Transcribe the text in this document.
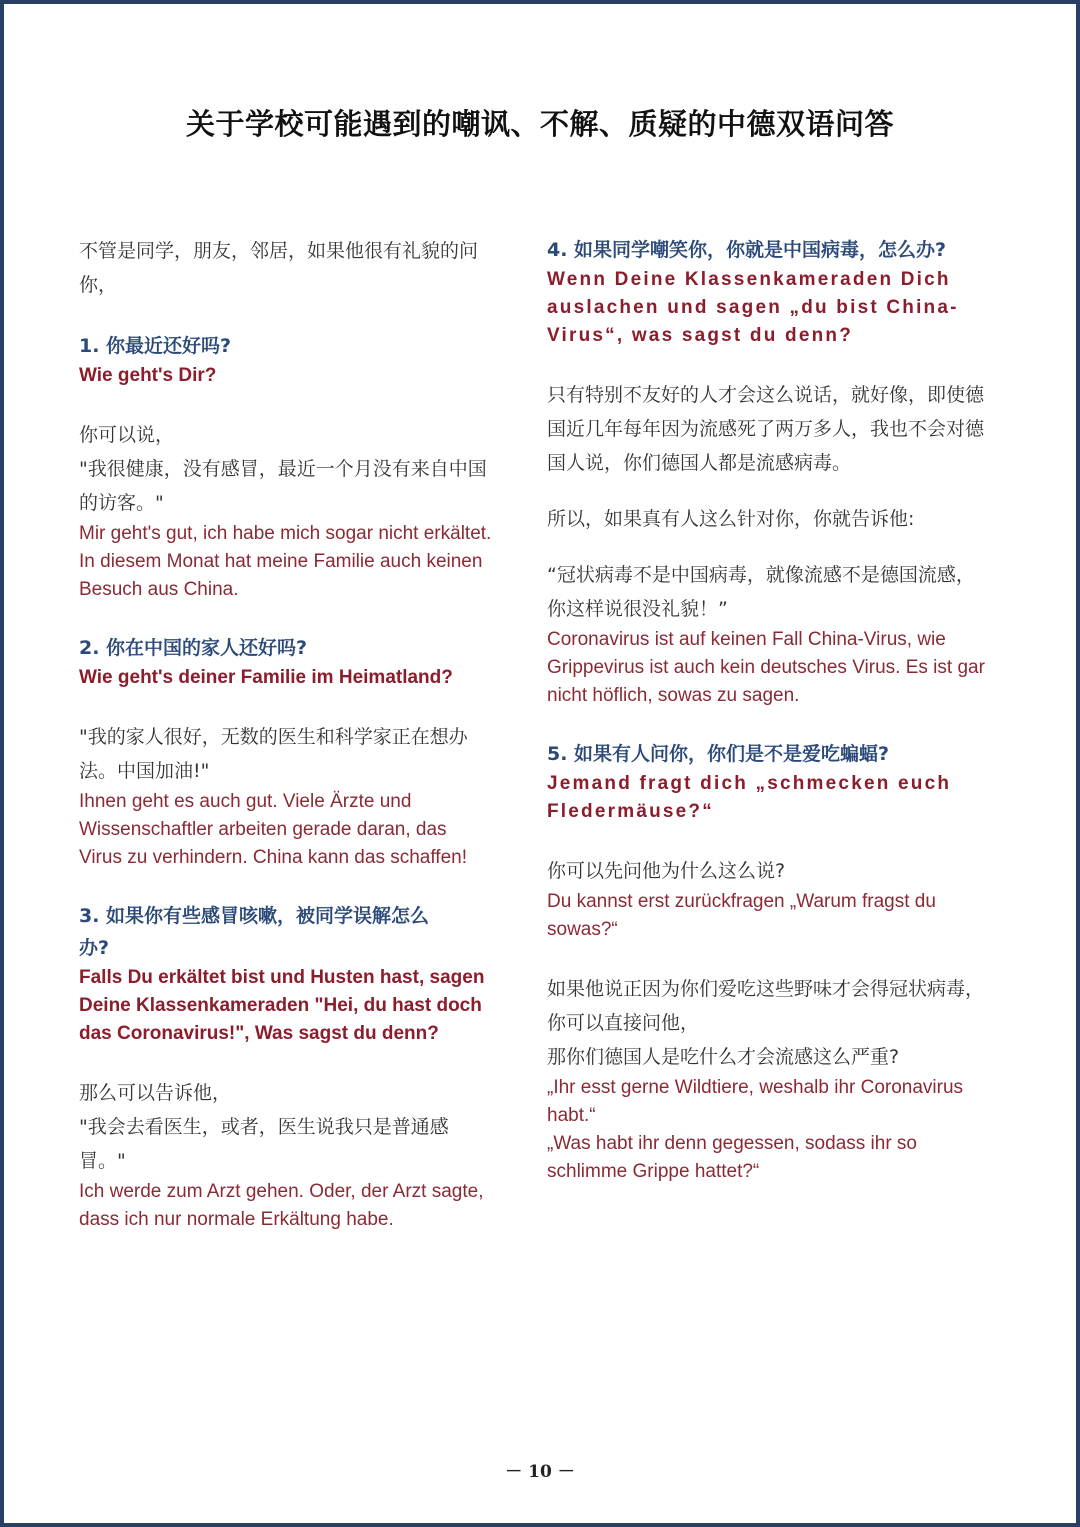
关于学校可能遇到的嘲讽、不解、质疑的中德双语问答

不管是同学，朋友，邻居，如果他很有礼貌的问你，

1. 你最近还好吗?

Wie geht's Dir?

你可以说，

"我很健康，没有感冒，最近一个月没有来自中国的访客。"

Mir geht's gut, ich habe mich sogar nicht erkältet. In diesem Monat hat meine Familie auch keinen Besuch aus China.

2. 你在中国的家人还好吗?

Wie geht's deiner Familie im Heimatland?

"我的家人很好，无数的医生和科学家正在想办法。中国加油!"

Ihnen geht es auch gut. Viele Ärzte und Wissenschaftler arbeiten gerade daran, das Virus zu verhindern. China kann das schaffen!

3. 如果你有些感冒咳嗽，被同学误解怎么办?

Falls Du erkältet bist und Husten hast, sagen Deine Klassenkameraden "Hei, du hast doch das Coronavirus!", Was sagst du denn?

那么可以告诉他，

"我会去看医生，或者，医生说我只是普通感冒。"

Ich werde zum Arzt gehen. Oder, der Arzt sagte, dass ich nur normale Erkältung habe.

4. 如果同学嘲笑你，你就是中国病毒，怎么办?

Wenn Deine Klassenkameraden Dich auslachen und sagen „du bist China-Virus“, was sagst du denn?

只有特别不友好的人才会这么说话，就好像，即使德国近几年每年因为流感死了两万多人，我也不会对德国人说，你们德国人都是流感病毒。

所以，如果真有人这么针对你，你就告诉他:

“冠状病毒不是中国病毒，就像流感不是德国流感，你这样说很没礼貌！”

Coronavirus ist auf keinen Fall China-Virus, wie Grippevirus ist auch kein deutsches Virus. Es ist gar nicht höflich, sowas zu sagen.

5. 如果有人问你，你们是不是爱吃蝙蝠?

Jemand fragt dich „schmecken euch Fledermäuse?“

你可以先问他为什么这么说?

Du kannst erst zurückfragen „Warum fragst du sowas?“

如果他说正因为你们爱吃这些野味才会得冠状病毒，你可以直接问他，

那你们德国人是吃什么才会流感这么严重?

„Ihr esst gerne Wildtiere, weshalb ihr Coronavirus habt.“

„Was habt ihr denn gegessen, sodass ihr so schlimme Grippe hattet?“

－ 10 －
